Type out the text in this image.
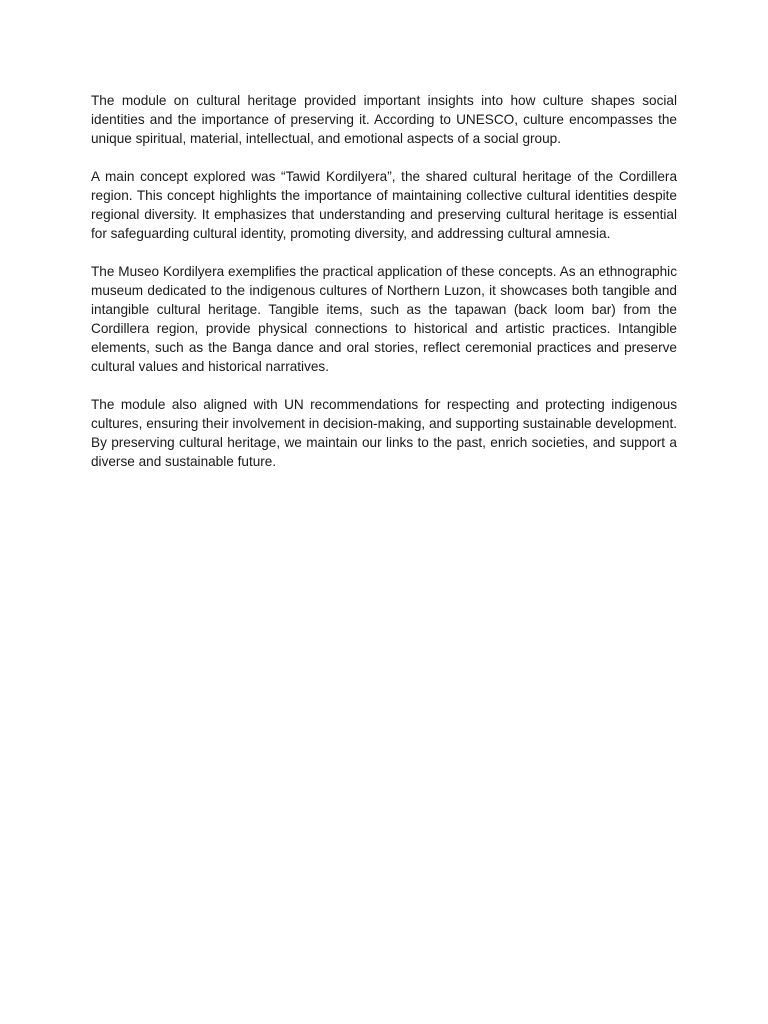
The module on cultural heritage provided important insights into how culture shapes social identities and the importance of preserving it. According to UNESCO, culture encompasses the unique spiritual, material, intellectual, and emotional aspects of a social group.

A main concept explored was “Tawid Kordilyera”, the shared cultural heritage of the Cordillera region. This concept highlights the importance of maintaining collective cultural identities despite regional diversity. It emphasizes that understanding and preserving cultural heritage is essential for safeguarding cultural identity, promoting diversity, and addressing cultural amnesia.

The Museo Kordilyera exemplifies the practical application of these concepts. As an ethnographic museum dedicated to the indigenous cultures of Northern Luzon, it showcases both tangible and intangible cultural heritage. Tangible items, such as the tapawan (back loom bar) from the Cordillera region, provide physical connections to historical and artistic practices. Intangible elements, such as the Banga dance and oral stories, reflect ceremonial practices and preserve cultural values and historical narratives.

The module also aligned with UN recommendations for respecting and protecting indigenous cultures, ensuring their involvement in decision-making, and supporting sustainable development. By preserving cultural heritage, we maintain our links to the past, enrich societies, and support a diverse and sustainable future.
